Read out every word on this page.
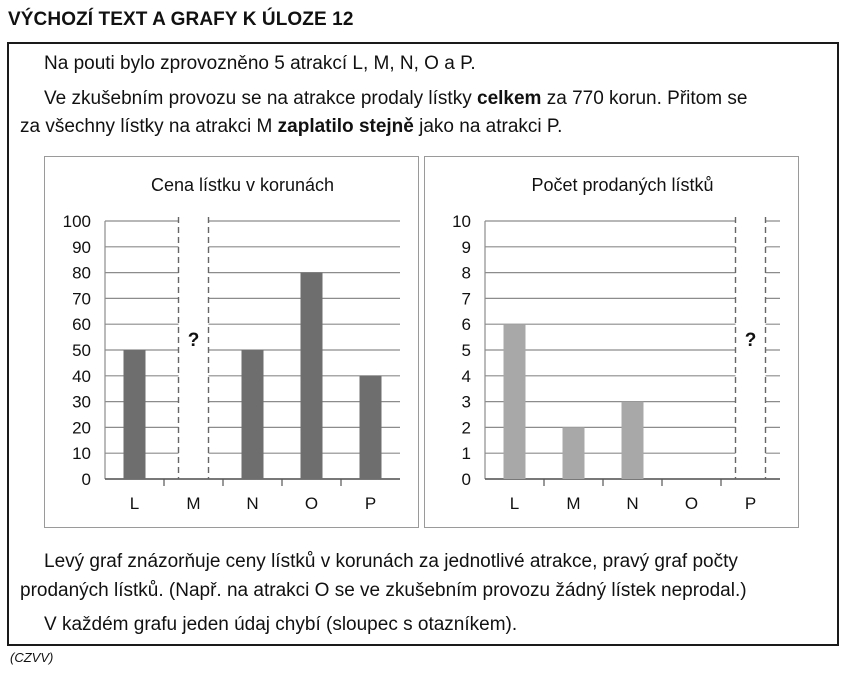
VÝCHOZÍ TEXT A GRAFY K ÚLOZE 12
Na pouti bylo zprovozněno 5 atrakcí L, M, N, O a P.
Ve zkušebním provozu se na atrakce prodaly lístky celkem za 770 korun. Přitom se
za všechny lístky na atrakci M zaplatilo stejně jako na atrakci P.
Cena lístku v korunách
0
10
20
30
40
50
60
70
80
90
100
L
?
M	N	O	P
Počet prodaných lístků
0
1
2
3
4
5
6
7
8
9
10
L	M	N	O
?
P
Levý graf znázorňuje ceny lístků v korunách za jednotlivé atrakce, pravý graf počty
prodaných lístků. (Např. na atrakci O se ve zkušebním provozu žádný lístek neprodal.)
V každém grafu jeden údaj chybí (sloupec s otazníkem).
(CZVV)
